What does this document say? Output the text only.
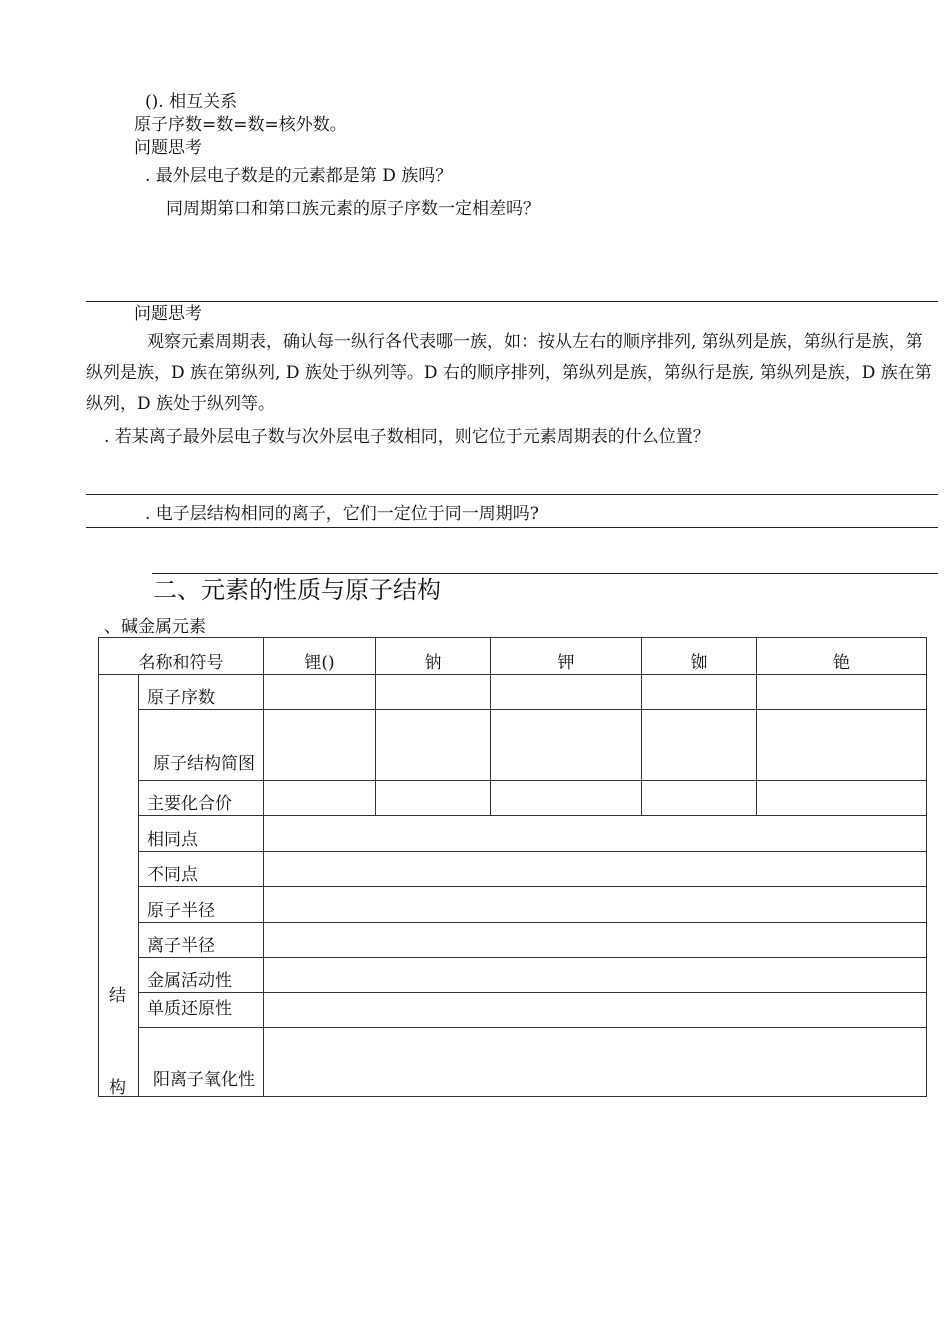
(). 相互关系
原子序数=数=数=核外数。
问题思考
. 最外层电子数是的元素都是第 D 族吗？
同周期第口和第口族元素的原子序数一定相差吗？
问题思考
观察元素周期表，确认每一纵行各代表哪一族，如：按从左右的顺序排列, 第纵列是族，第纵行是族，第纵列是族，D 族在第纵列, D 族处于纵列等。D 右的顺序排列，第纵列是族，第纵行是族, 第纵列是族，D 族在第纵列，D 族处于纵列等。
. 若某离子最外层电子数与次外层电子数相同，则它位于元素周期表的什么位置？
. 电子层结构相同的离子，它们一定位于同一周期吗?
二、元素的性质与原子结构
、碱金属元素
名称和符号		锂()	钠	钾	铷	铯

结
构	原子序数					
	原子结构简图					
	主要化合价					
	相同点					
	不同点					
	原子半径					
	离子半径					
	金属活动性					
	单质还原性					
	阳离子氧化性					
